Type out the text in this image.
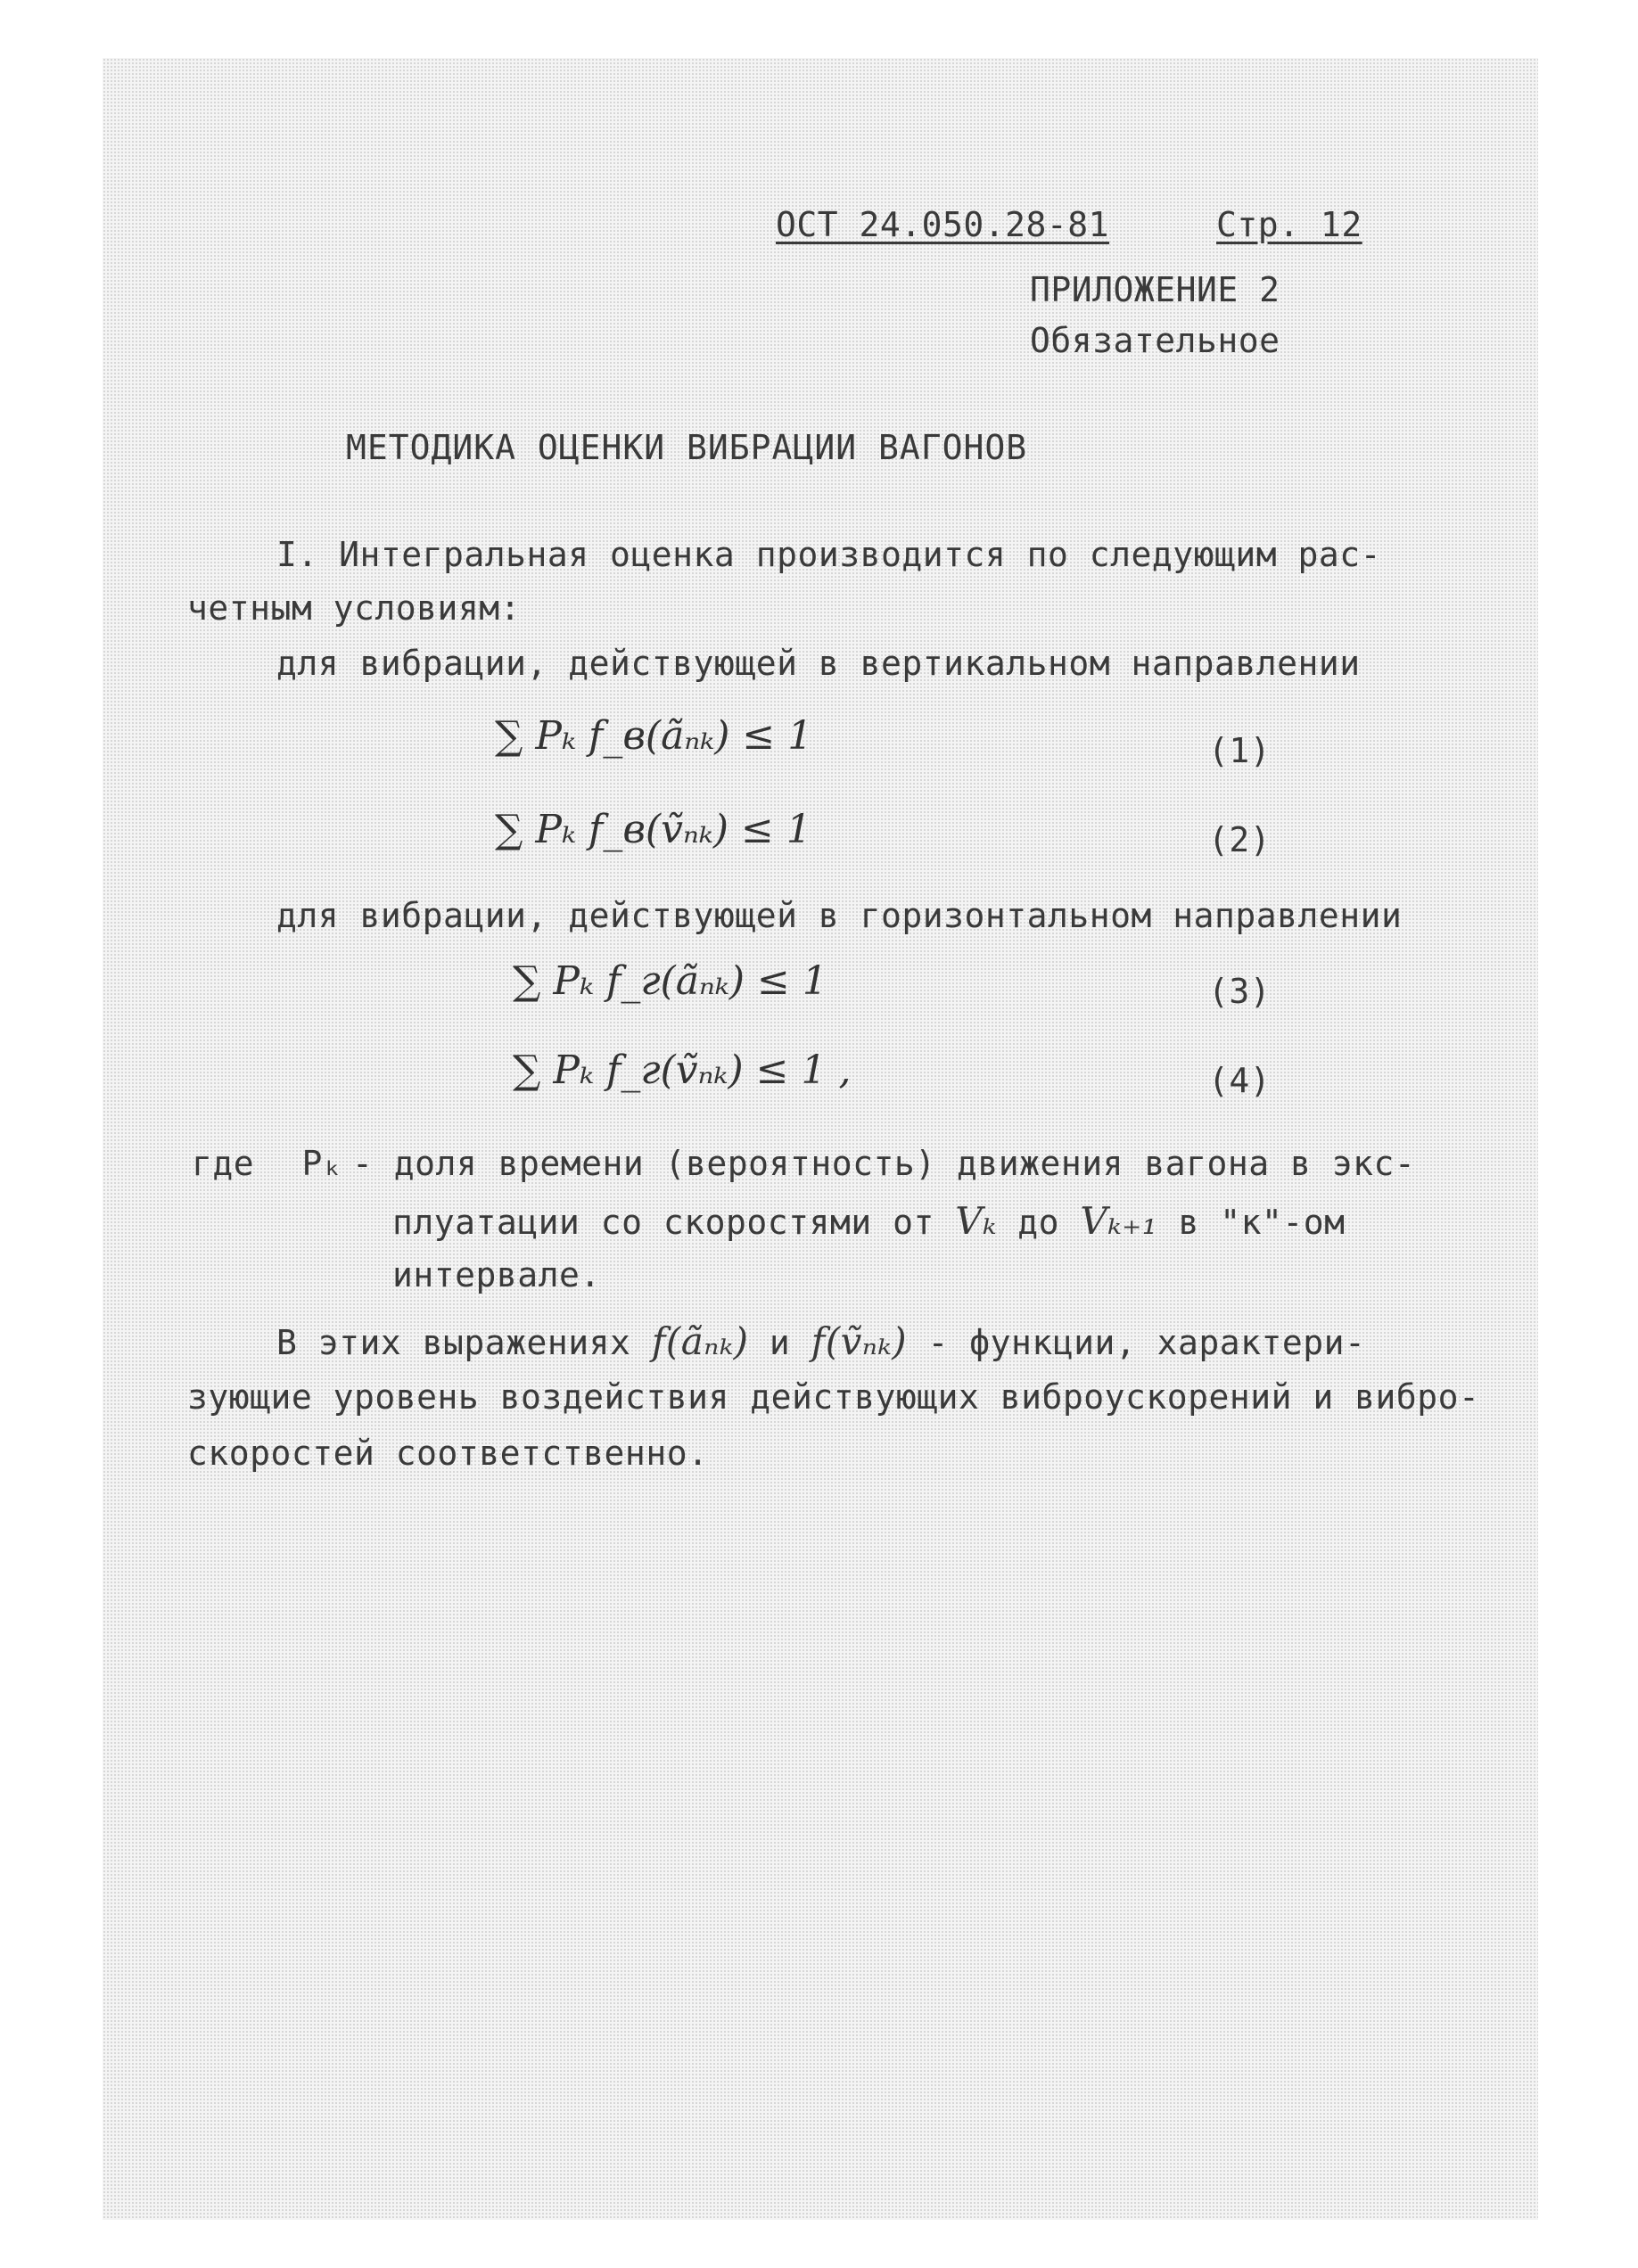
ОСТ 24.050.28-81	Стр. 12
ПРИЛОЖЕНИЕ 2
Обязательное
МЕТОДИКА ОЦЕНКИ ВИБРАЦИИ ВАГОНОВ
I. Интегральная оценка производится по следующим рас-
четным условиям:
для вибрации, действующей в вертикальном направлении
∑ Pₖ f_в(ãₙₖ) ≤ 1	(1)
∑ Pₖ f_в(ṽₙₖ) ≤ 1	(2)
для вибрации, действующей в горизонтальном направлении
∑ Pₖ f_г(ãₙₖ) ≤ 1	(3)
∑ Pₖ f_г(ṽₙₖ) ≤ 1 ,	(4)
где Pₖ - доля времени (вероятность) движения вагона в экс-
плуатации со скоростями от Vₖ до Vₖ₊₁ в "к"-ом
интервале.
В этих выражениях f(ãₙₖ) и f(ṽₙₖ) - функции, характери-
зующие уровень воздействия действующих виброускорений и вибро-
скоростей соответственно.
